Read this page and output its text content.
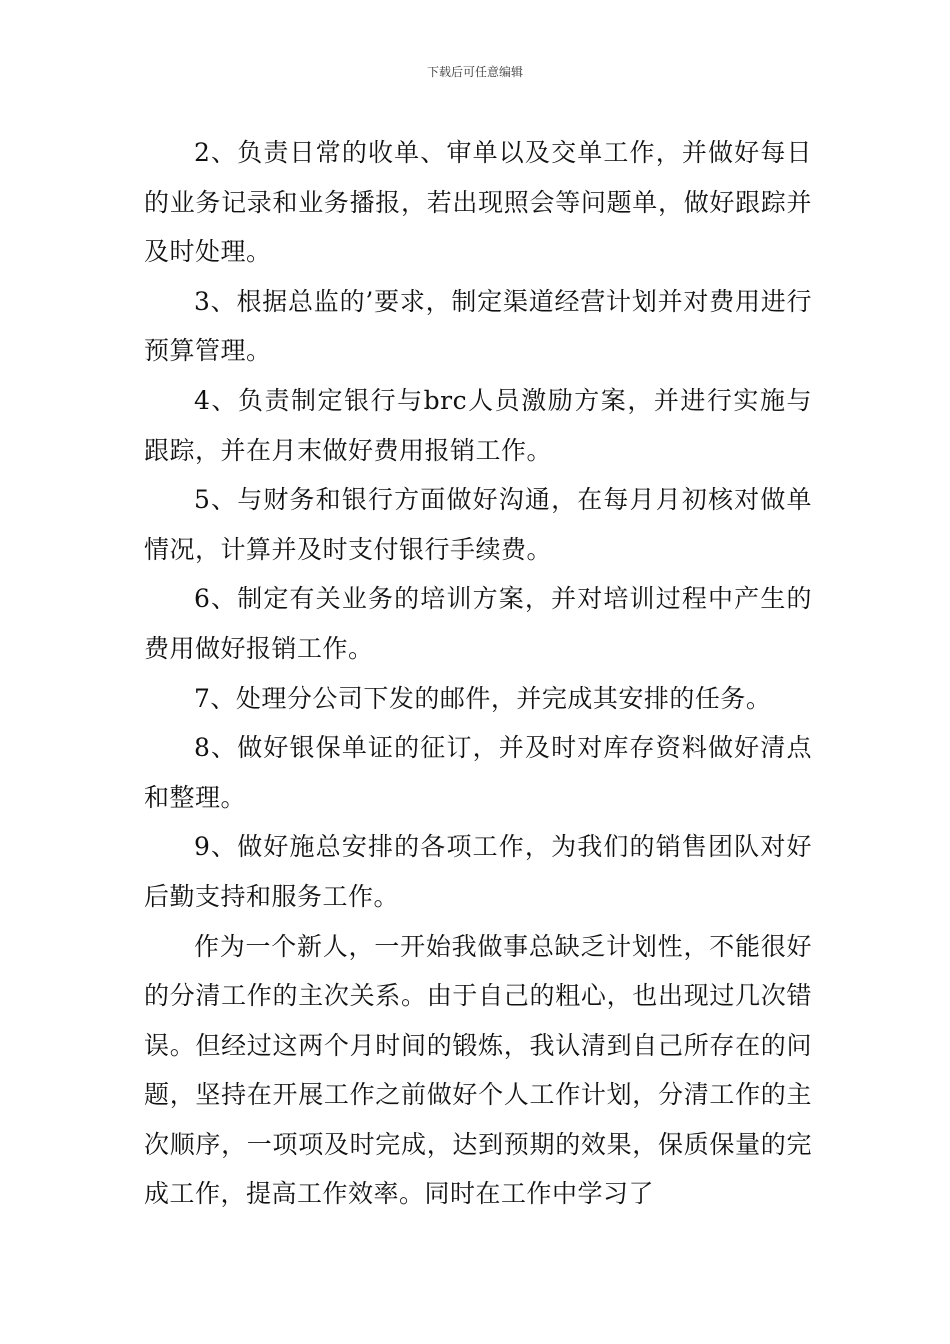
下载后可任意编辑

2、负责日常的收单、审单以及交单工作，并做好每日的业务记录和业务播报，若出现照会等问题单，做好跟踪并及时处理。

3、根据总监的’要求，制定渠道经营计划并对费用进行预算管理。

4、负责制定银行与brc人员激励方案，并进行实施与跟踪，并在月末做好费用报销工作。

5、与财务和银行方面做好沟通，在每月月初核对做单情况，计算并及时支付银行手续费。

6、制定有关业务的培训方案，并对培训过程中产生的费用做好报销工作。

7、处理分公司下发的邮件，并完成其安排的任务。

8、做好银保单证的征订，并及时对库存资料做好清点和整理。

9、做好施总安排的各项工作，为我们的销售团队对好后勤支持和服务工作。

作为一个新人，一开始我做事总缺乏计划性，不能很好的分清工作的主次关系。由于自己的粗心，也出现过几次错误。但经过这两个月时间的锻炼，我认清到自己所存在的问题，坚持在开展工作之前做好个人工作计划，分清工作的主次顺序，一项项及时完成，达到预期的效果，保质保量的完成工作，提高工作效率。同时在工作中学习了
